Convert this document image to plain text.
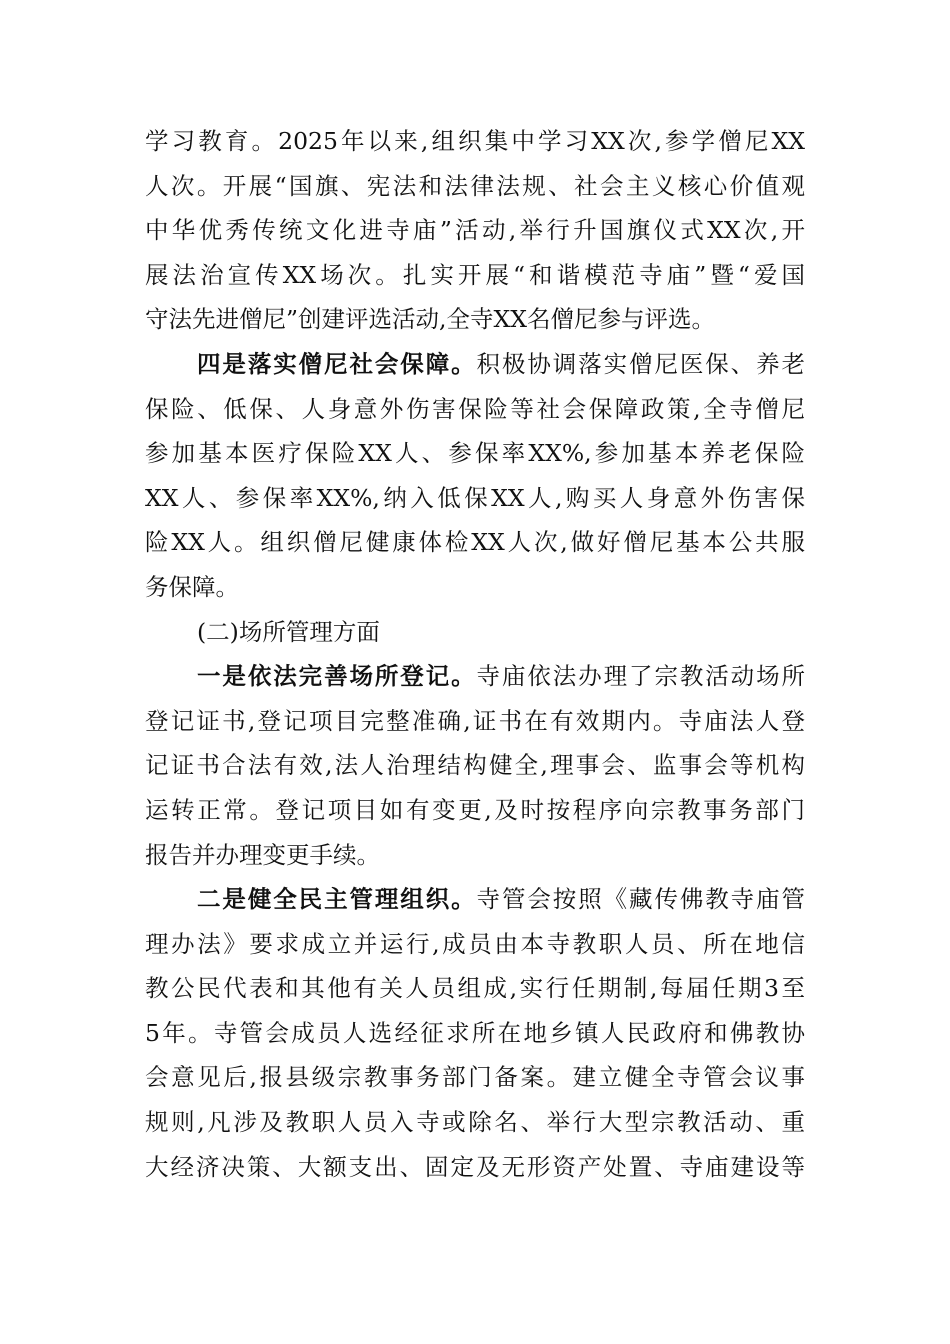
学习教育。2025年以来,组织集中学习XX次,参学僧尼XX
人次。开展“国旗、宪法和法律法规、社会主义核心价值观
中华优秀传统文化进寺庙”活动,举行升国旗仪式XX次,开
展法治宣传XX场次。扎实开展“和谐模范寺庙”暨“爱国
守法先进僧尼”创建评选活动,全寺XX名僧尼参与评选。
四是落实僧尼社会保障。积极协调落实僧尼医保、养老
保险、低保、人身意外伤害保险等社会保障政策,全寺僧尼
参加基本医疗保险XX人、参保率XX%,参加基本养老保险
XX人、参保率XX%,纳入低保XX人,购买人身意外伤害保
险XX人。组织僧尼健康体检XX人次,做好僧尼基本公共服
务保障。
(二)场所管理方面
一是依法完善场所登记。寺庙依法办理了宗教活动场所
登记证书,登记项目完整准确,证书在有效期内。寺庙法人登
记证书合法有效,法人治理结构健全,理事会、监事会等机构
运转正常。登记项目如有变更,及时按程序向宗教事务部门
报告并办理变更手续。
二是健全民主管理组织。寺管会按照《藏传佛教寺庙管
理办法》要求成立并运行,成员由本寺教职人员、所在地信
教公民代表和其他有关人员组成,实行任期制,每届任期3至
5年。寺管会成员人选经征求所在地乡镇人民政府和佛教协
会意见后,报县级宗教事务部门备案。建立健全寺管会议事
规则,凡涉及教职人员入寺或除名、举行大型宗教活动、重
大经济决策、大额支出、固定及无形资产处置、寺庙建设等
